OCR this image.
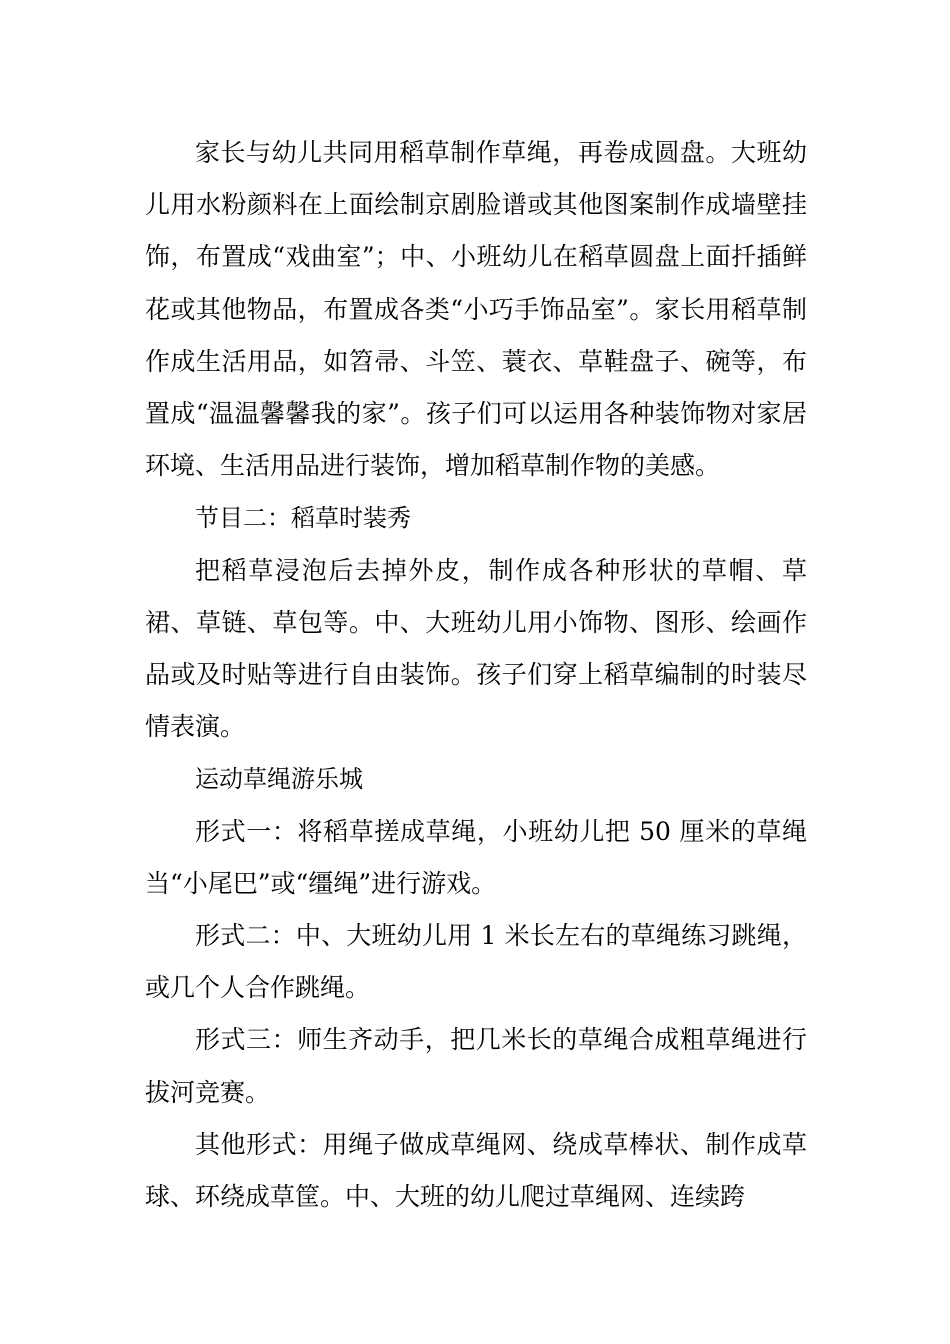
家长与幼儿共同用稻草制作草绳，再卷成圆盘。大班幼儿用水粉颜料在上面绘制京剧脸谱或其他图案制作成墙壁挂饰，布置成“戏曲室”；中、小班幼儿在稻草圆盘上面扦插鲜花或其他物品，布置成各类“小巧手饰品室”。家长用稻草制作成生活用品，如笤帚、斗笠、蓑衣、草鞋盘子、碗等，布置成“温温馨馨我的家”。孩子们可以运用各种装饰物对家居环境、生活用品进行装饰，增加稻草制作物的美感。

节目二：稻草时装秀

把稻草浸泡后去掉外皮，制作成各种形状的草帽、草裙、草链、草包等。中、大班幼儿用小饰物、图形、绘画作品或及时贴等进行自由装饰。孩子们穿上稻草编制的时装尽情表演。

运动草绳游乐城

形式一：将稻草搓成草绳，小班幼儿把 50 厘米的草绳当“小尾巴”或“缰绳”进行游戏。

形式二：中、大班幼儿用 1 米长左右的草绳练习跳绳，或几个人合作跳绳。

形式三：师生齐动手，把几米长的草绳合成粗草绳进行拔河竞赛。

其他形式：用绳子做成草绳网、绕成草棒状、制作成草球、环绕成草筐。中、大班的幼儿爬过草绳网、连续跨
